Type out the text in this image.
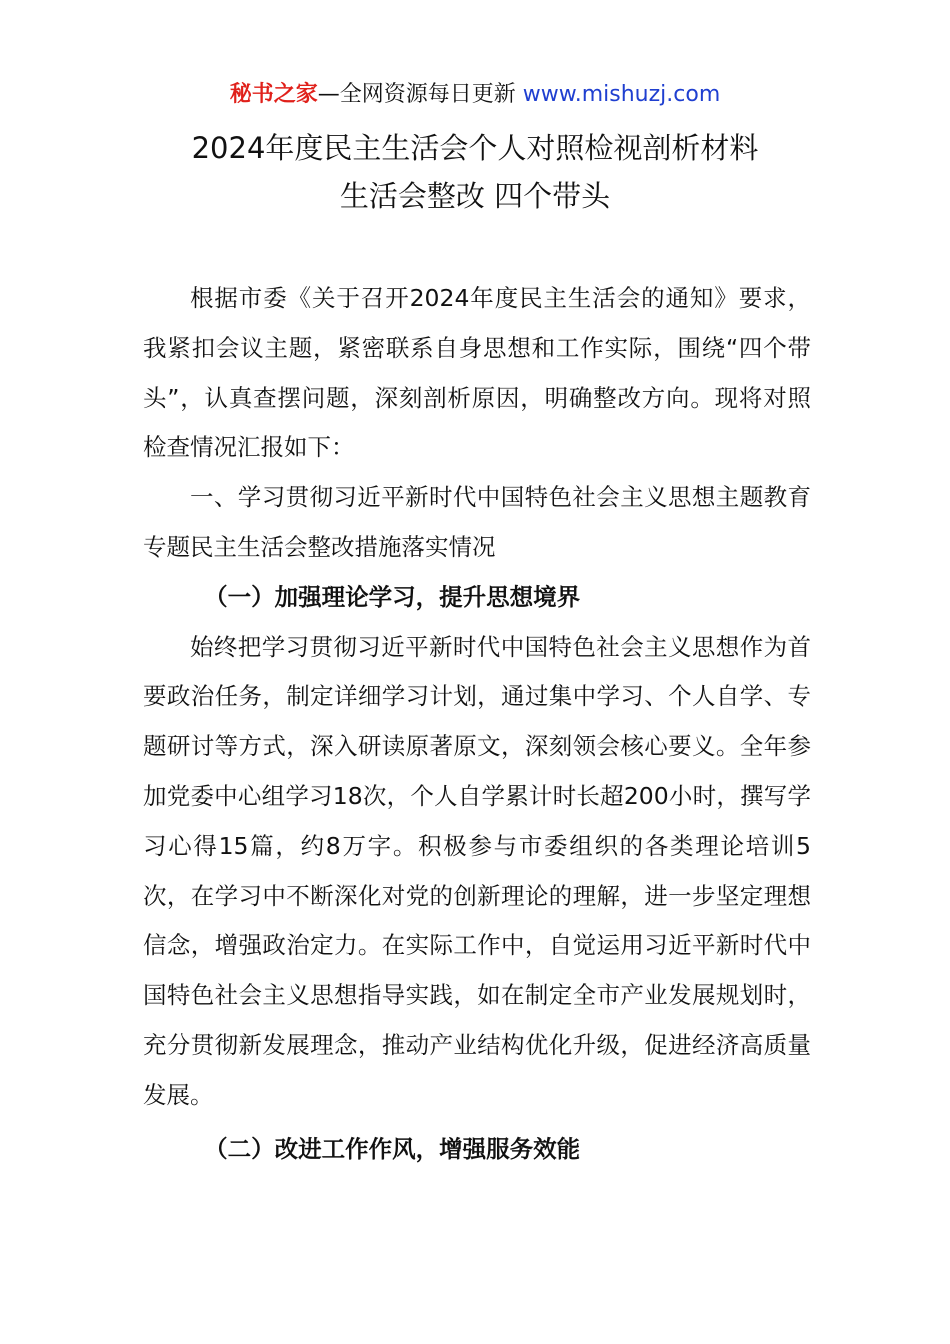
秘书之家—全网资源每日更新 www.mishuzj.com
2024年度民主生活会个人对照检视剖析材料
生活会整改 四个带头

根据市委《关于召开2024年度民主生活会的通知》要求，我紧扣会议主题，紧密联系自身思想和工作实际，围绕“四个带头”，认真查摆问题，深刻剖析原因，明确整改方向。现将对照检查情况汇报如下：

一、学习贯彻习近平新时代中国特色社会主义思想主题教育专题民主生活会整改措施落实情况

（一）加强理论学习，提升思想境界

始终把学习贯彻习近平新时代中国特色社会主义思想作为首要政治任务，制定详细学习计划，通过集中学习、个人自学、专题研讨等方式，深入研读原著原文，深刻领会核心要义。全年参加党委中心组学习18次，个人自学累计时长超200小时，撰写学习心得15篇，约8万字。积极参与市委组织的各类理论培训5次，在学习中不断深化对党的创新理论的理解，进一步坚定理想信念，增强政治定力。在实际工作中，自觉运用习近平新时代中国特色社会主义思想指导实践，如在制定全市产业发展规划时，充分贯彻新发展理念，推动产业结构优化升级，促进经济高质量发展。

（二）改进工作作风，增强服务效能
